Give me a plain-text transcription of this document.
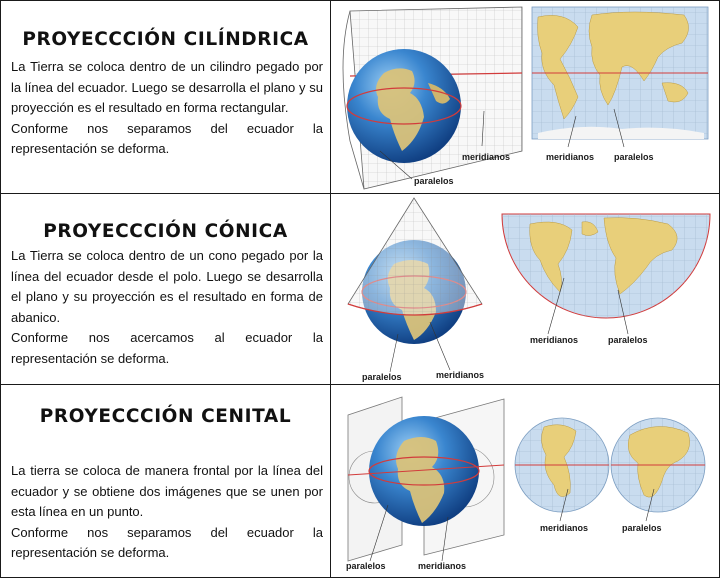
PROYECCCIÓN CILÍNDRICA

La Tierra se coloca dentro de un cilindro pegado por la línea del ecuador. Luego se desarrolla el plano y su proyección es el resultado en forma rectangular.

Conforme nos separamos del ecuador la representación se deforma.

meridianos	meridianos paralelos
paralelos
PROYECCCIÓN CÓNICA

La Tierra se coloca dentro de un cono pegado por la línea del ecuador desde el polo. Luego se desarrolla el plano y su proyección es el resultado en forma de abanico.

Conforme nos acercamos al ecuador la representación se deforma.

paralelos	meridianos
meridianos	paralelos
PROYECCCIÓN CENITAL

La tierra se coloca de manera frontal por la línea del ecuador y se obtiene dos imágenes que se unen por esta línea en un punto.

Conforme nos separamos del ecuador la representación se deforma.

paralelos	meridianos
meridianos	paralelos
